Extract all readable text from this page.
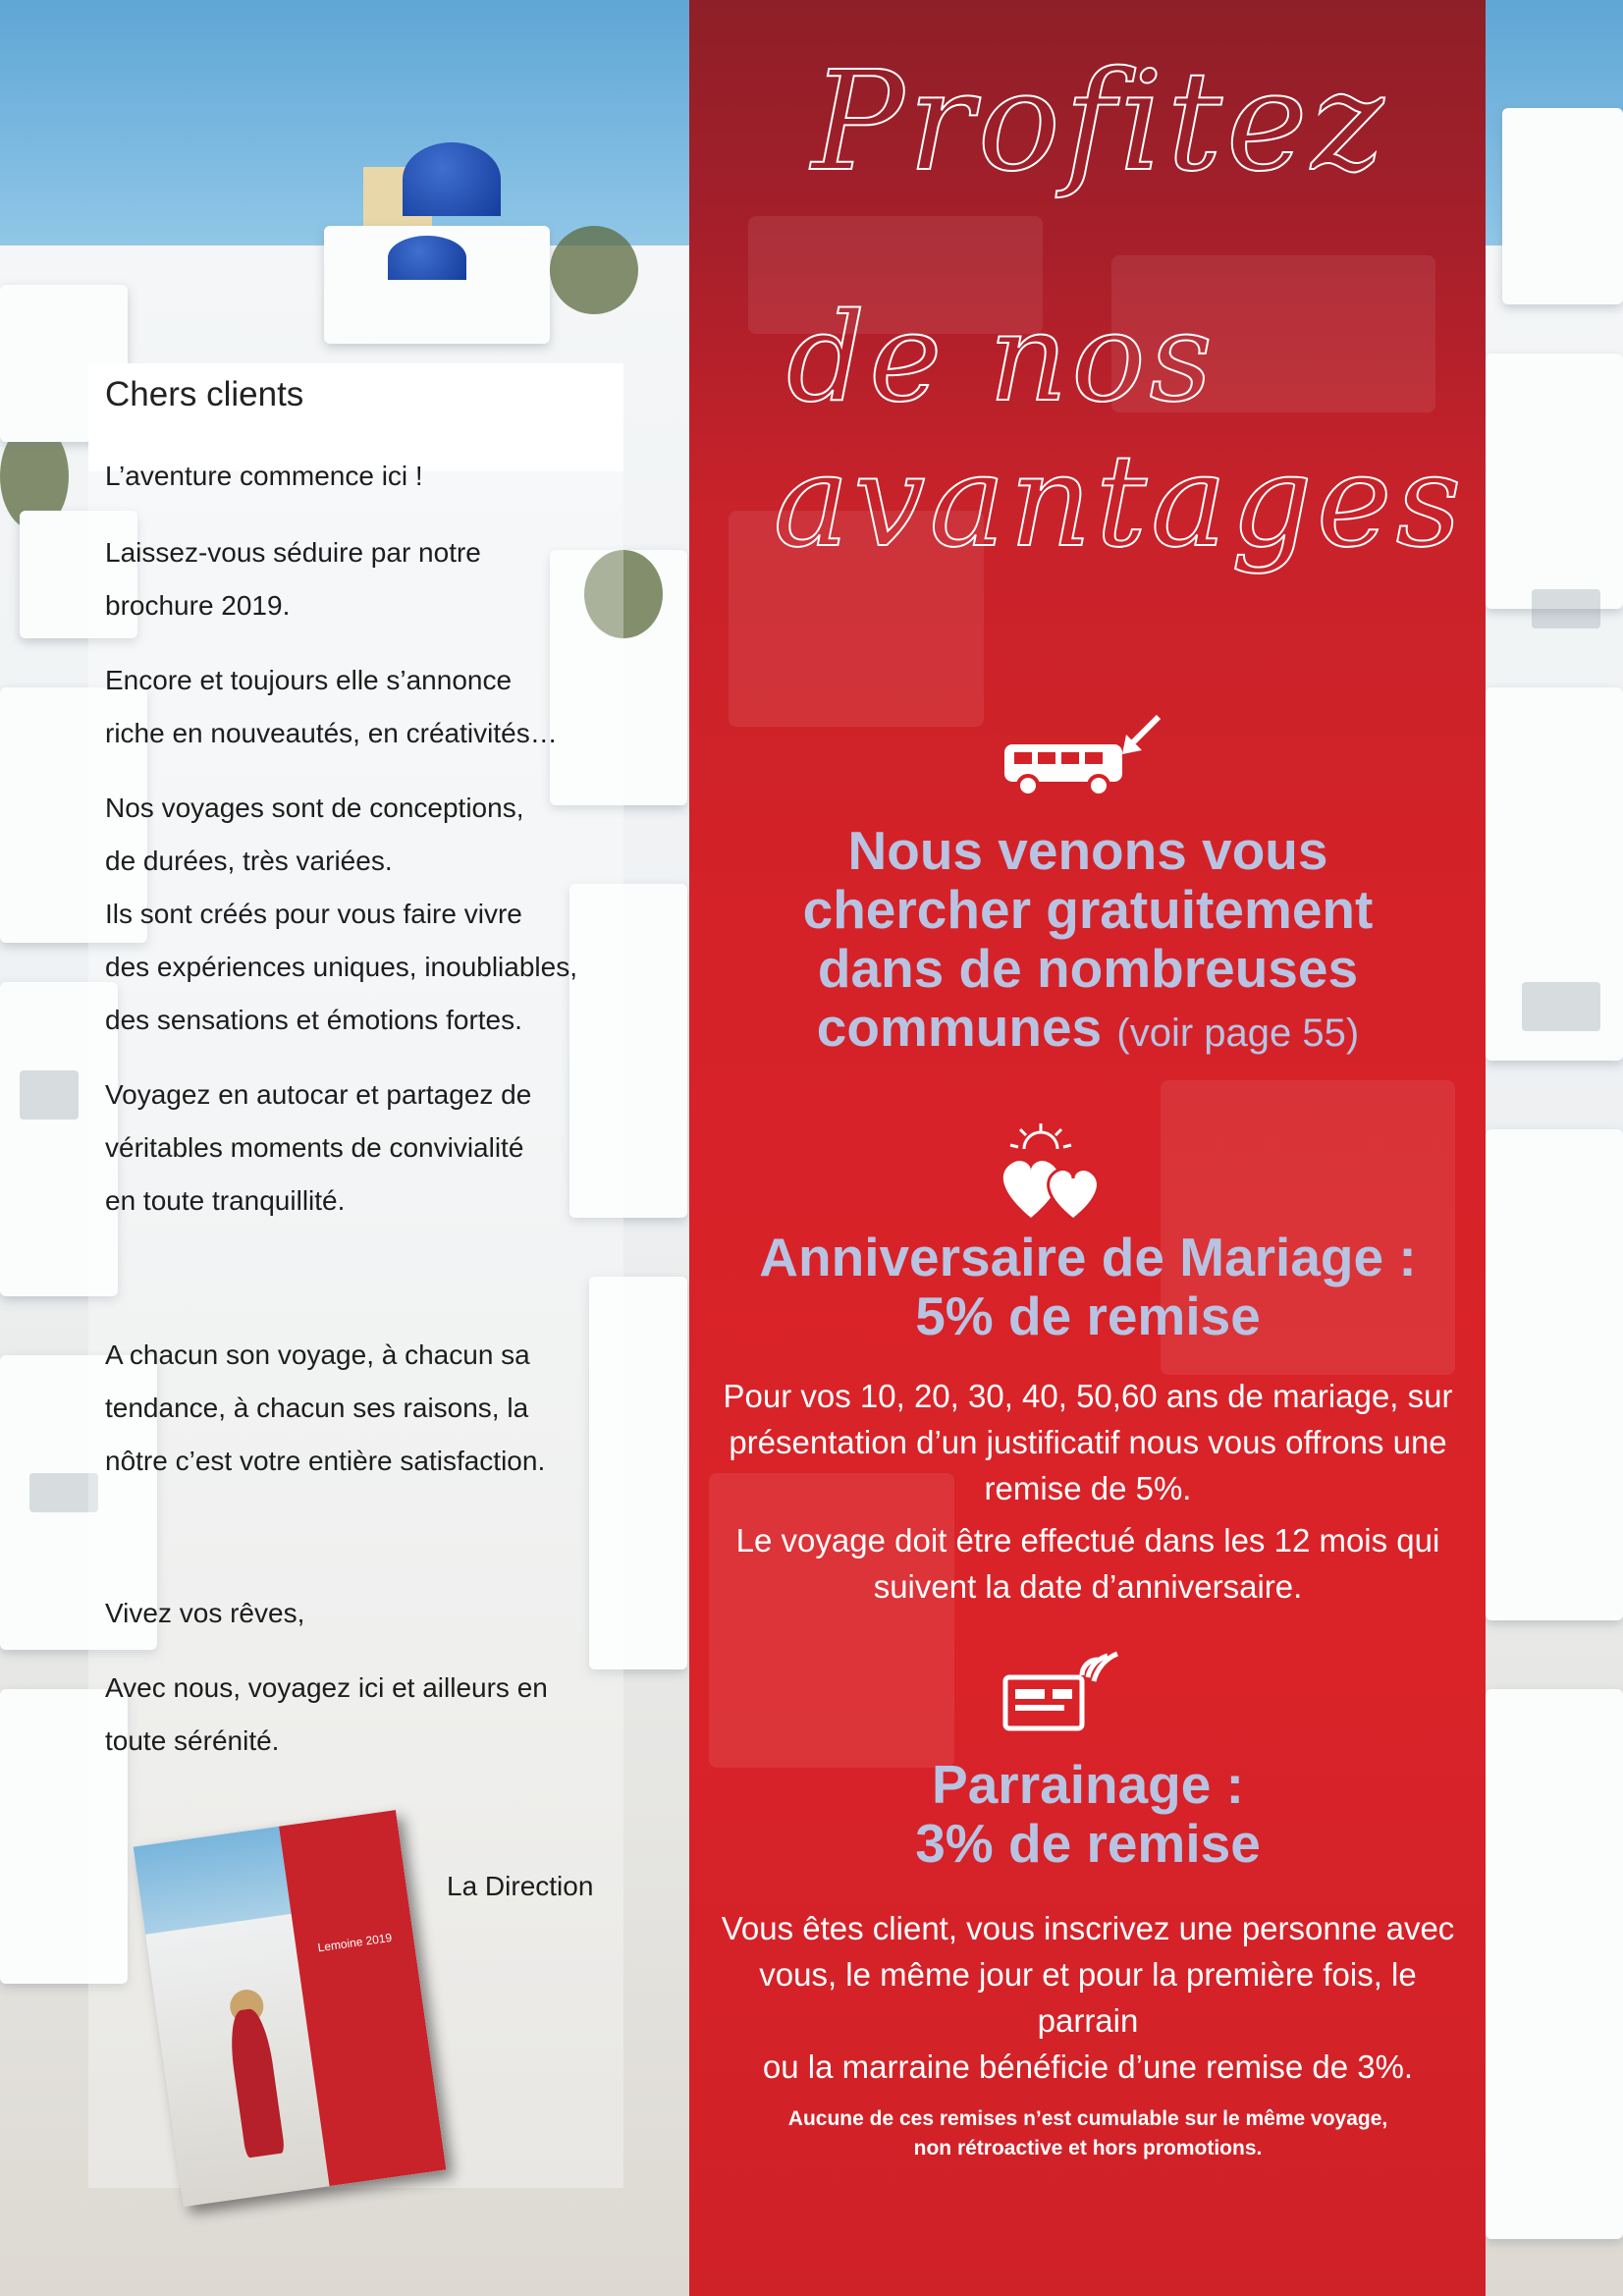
Chers clients
L’aventure commence ici !
Laissez-vous séduire par notre
brochure 2019.
Encore et toujours elle s’annonce
riche en nouveautés, en créativités…
Nos voyages sont de conceptions,
de durées, très variées.
Ils sont créés pour vous faire vivre
des expériences uniques, inoubliables,
des sensations et émotions fortes.
Voyagez en autocar et partagez de
véritables moments de convivialité
en toute tranquillité.
A chacun son voyage, à chacun sa
tendance, à chacun ses raisons, la
nôtre c’est votre entière satisfaction.
Vivez vos rêves,
Avec nous, voyagez ici et ailleurs en
toute sérénité.
La Direction
Lemoine 2019
Profitez
de nos
avantages
Nous venons vous
chercher gratuitement
dans de nombreuses
communes (voir page 55)
Anniversaire de Mariage :
5% de remise
Pour vos 10, 20, 30, 40, 50,60 ans de mariage, sur
présentation d’un justificatif nous vous offrons une
remise de 5%.
Le voyage doit être effectué dans les 12 mois qui
suivent la date d’anniversaire.
Parrainage :
3% de remise
Vous êtes client, vous inscrivez une personne avec
vous, le même jour et pour la première fois, le parrain
ou la marraine bénéficie d’une remise de 3%.
Aucune de ces remises n’est cumulable sur le même voyage,
non rétroactive et hors promotions.
